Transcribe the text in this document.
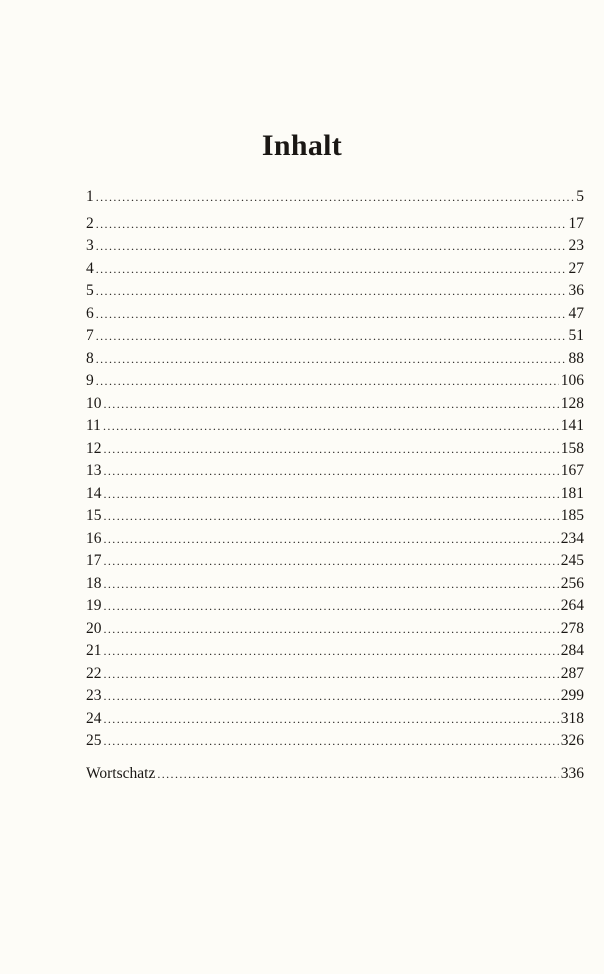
Inhalt
1 .....	5
2 .....	17
3 .....	23
4 .....	27
5 .....	36
6 .....	47
7 .....	51
8 .....	88
9 .....	106
10 .....	128
11 .....	141
12 .....	158
13 .....	167
14 .....	181
15 .....	185
16 .....	234
17 .....	245
18 .....	256
19 .....	264
20 .....	278
21 .....	284
22 .....	287
23 .....	299
24 .....	318
25 .....	326
Wortschatz .....	336
